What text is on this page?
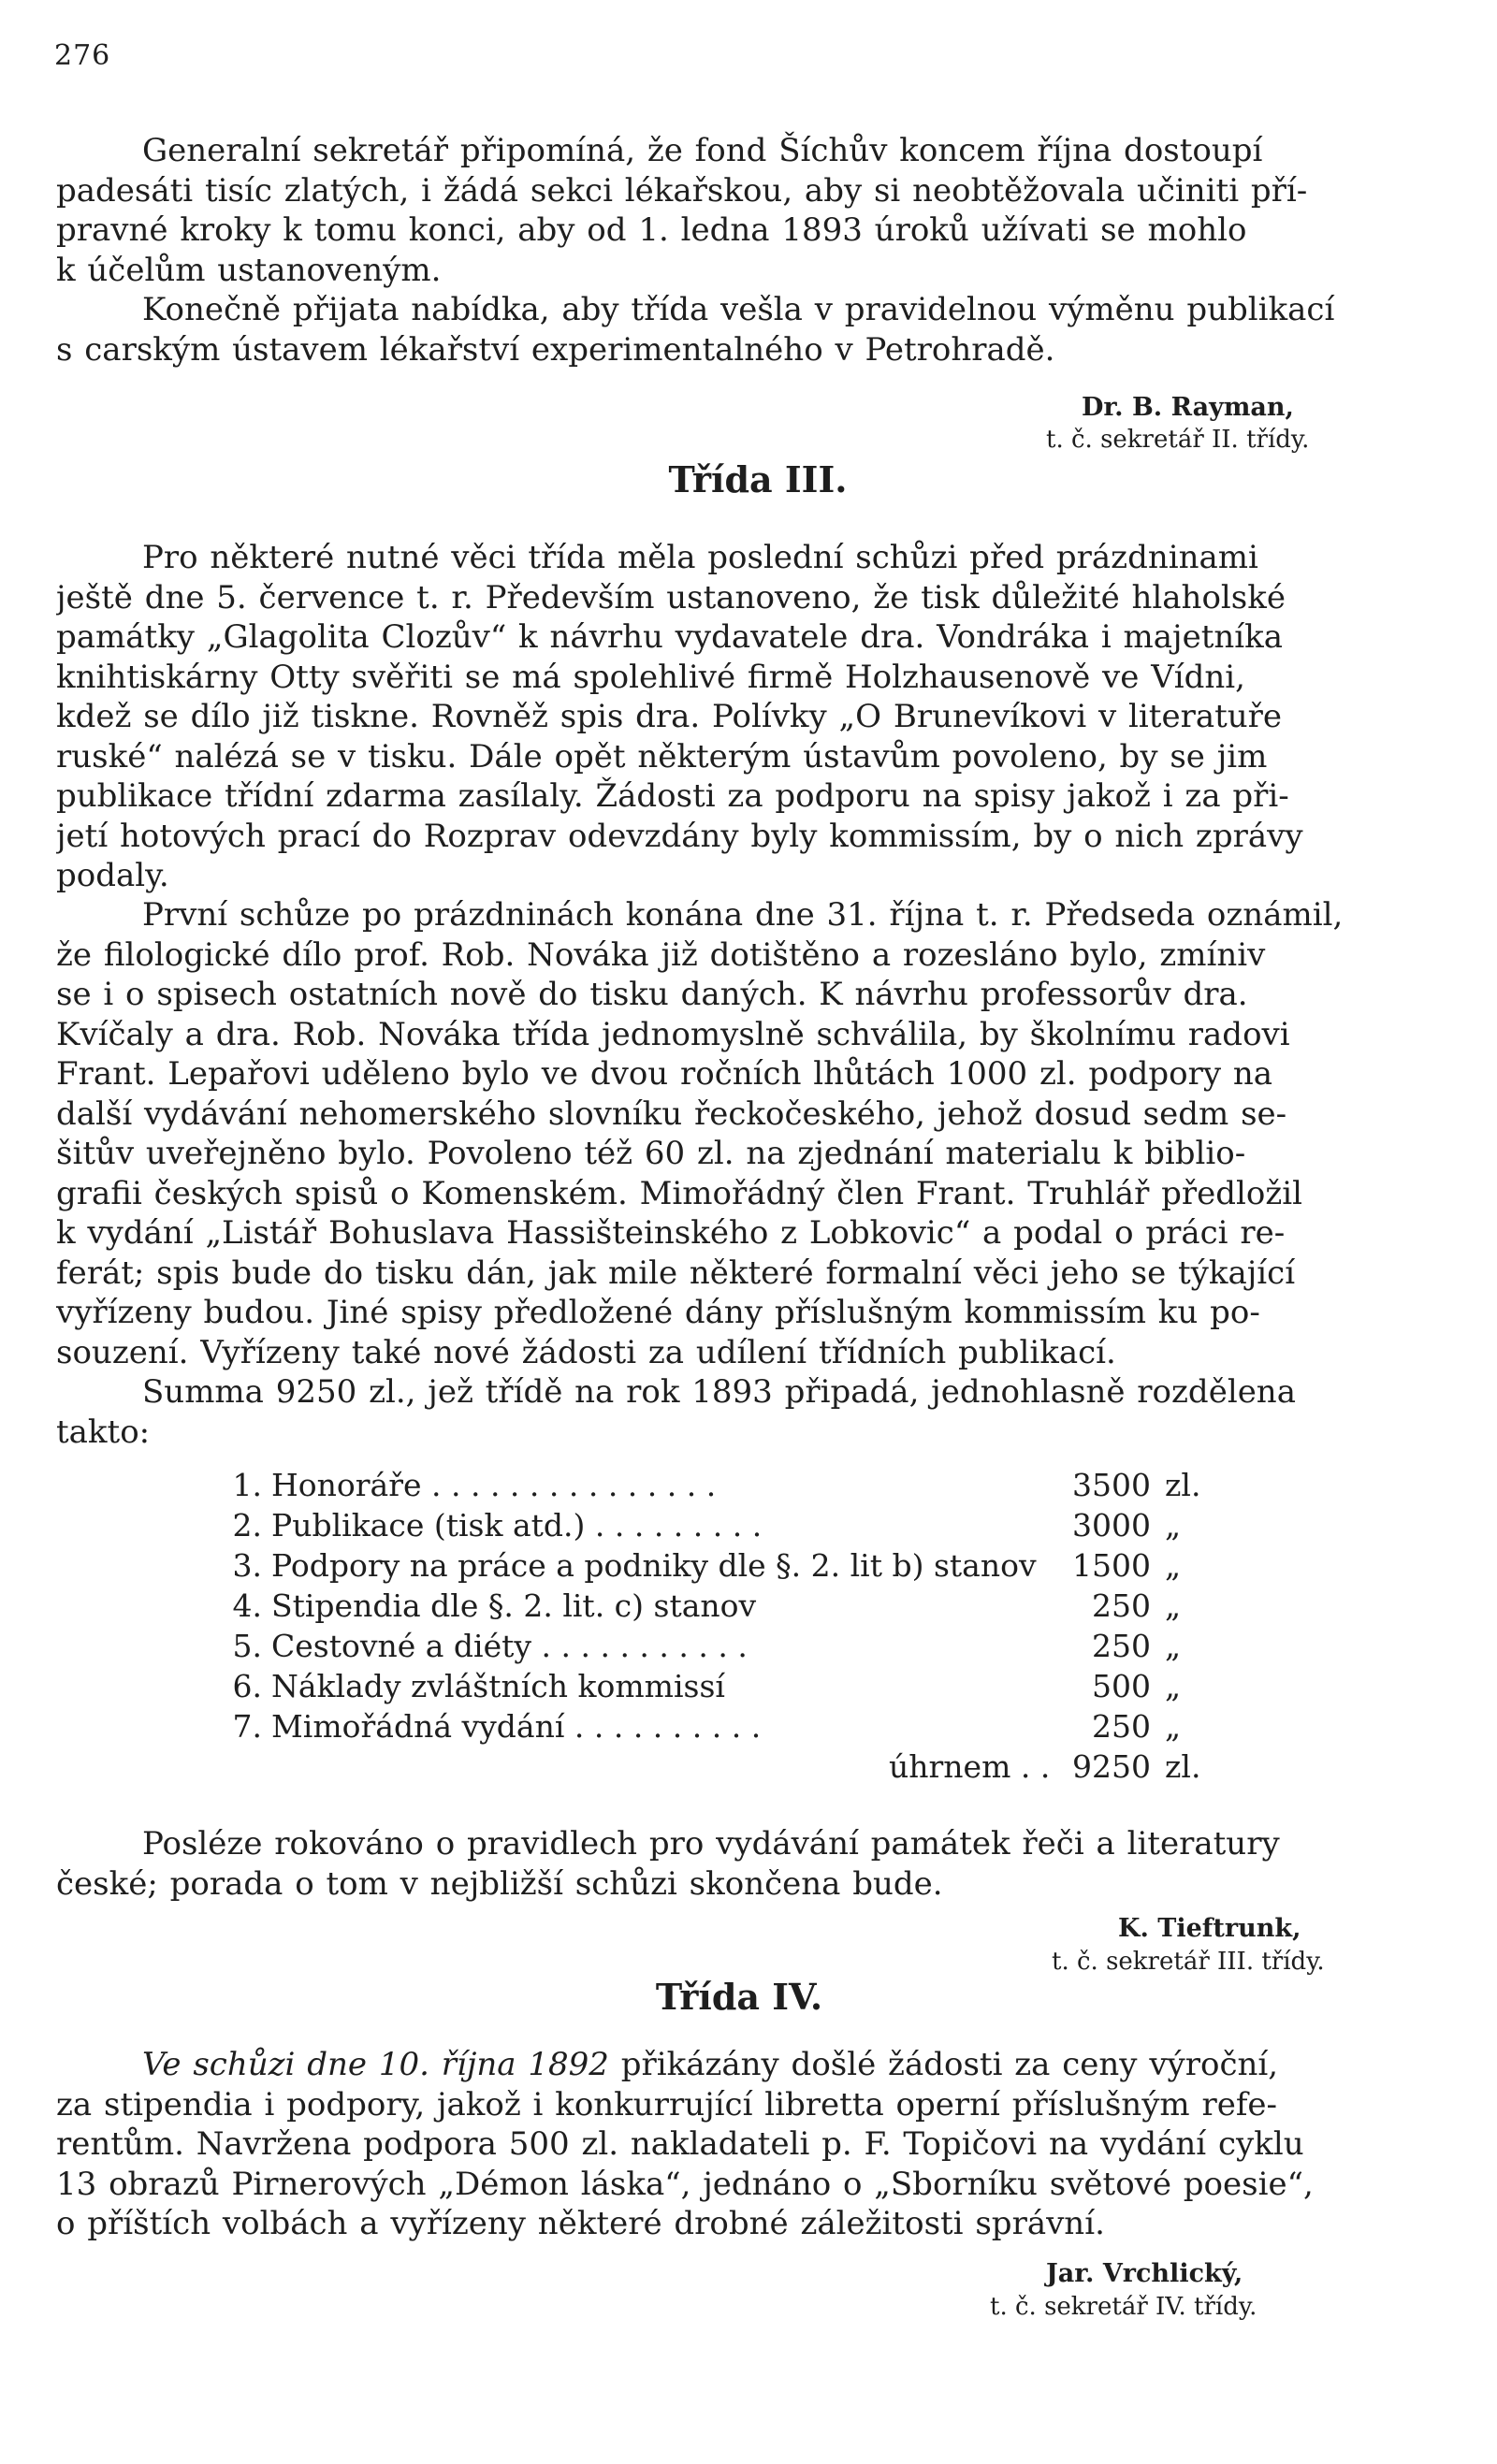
276
Generalní sekretář připomíná, že fond Šíchův koncem října dostoupí
padesáti tisíc zlatých, i žádá sekci lékařskou, aby si neobtěžovala učiniti pří-
pravné kroky k tomu konci, aby od 1. ledna 1893 úroků užívati se mohlo
k účelům ustanoveným.
Konečně přijata nabídka, aby třída vešla v pravidelnou výměnu publikací
s carským ústavem lékařství experimentalného v Petrohradě.
Dr. B. Rayman,
t. č. sekretář II. třídy.
Třída III.
Pro některé nutné věci třída měla poslední schůzi před prázdninami
ještě dne 5. července t. r. Především ustanoveno, že tisk důležité hlaholské
památky „Glagolita Clozův“ k návrhu vydavatele dra. Vondráka i majetníka
knihtiskárny Otty svěřiti se má spolehlivé firmě Holzhausenově ve Vídni,
kdež se dílo již tiskne. Rovněž spis dra. Polívky „O Brunevíkovi v literatuře
ruské“ nalézá se v tisku. Dále opět některým ústavům povoleno, by se jim
publikace třídní zdarma zasílaly. Žádosti za podporu na spisy jakož i za při-
jetí hotových prací do Rozprav odevzdány byly kommissím, by o nich zprávy
podaly.
První schůze po prázdninách konána dne 31. října t. r. Předseda oznámil,
že filologické dílo prof. Rob. Nováka již dotištěno a rozesláno bylo, zmíniv
se i o spisech ostatních nově do tisku daných. K návrhu professorův dra.
Kvíčaly a dra. Rob. Nováka třída jednomyslně schválila, by školnímu radovi
Frant. Lepařovi uděleno bylo ve dvou ročních lhůtách 1000 zl. podpory na
další vydávání nehomerského slovníku řeckočeského, jehož dosud sedm se-
šitův uveřejněno bylo. Povoleno též 60 zl. na zjednání materialu k biblio-
grafii českých spisů o Komenském. Mimořádný člen Frant. Truhlář předložil
k vydání „Listář Bohuslava Hassišteinského z Lobkovic“ a podal o práci re-
ferát; spis bude do tisku dán, jak mile některé formalní věci jeho se týkající
vyřízeny budou. Jiné spisy předložené dány příslušným kommissím ku po-
souzení. Vyřízeny také nové žádosti za udílení třídních publikací.
Summa 9250 zl., jež třídě na rok 1893 připadá, jednohlasně rozdělena
takto:
1. Honoráře . . . . . . . . . . . . . . .	3500 zl.
2. Publikace (tisk atd.) . . . . . . . . .	3000 „
3. Podpory na práce a podniky dle §. 2. lit b) stanov 1500 „
4. Stipendia dle §. 2. lit. c) stanov	250 „
5. Cestovné a diéty . . . . . . . . . . .	250 „
6. Náklady zvláštních kommissí	500 „
7. Mimořádná vydání . . . . . . . . . .	250 „
úhrnem . . 9250 zl.
Posléze rokováno o pravidlech pro vydávání památek řeči a literatury
české; porada o tom v nejbližší schůzi skončena bude.
K. Tieftrunk,
t. č. sekretář III. třídy.
Třída IV.
Ve schůzi dne 10. října 1892 přikázány došlé žádosti za ceny výroční,
za stipendia i podpory, jakož i konkurrující libretta operní příslušným refe-
rentům. Navržena podpora 500 zl. nakladateli p. F. Topičovi na vydání cyklu
13 obrazů Pirnerových „Démon láska“, jednáno o „Sborníku světové poesie“,
o příštích volbách a vyřízeny některé drobné záležitosti správní.
Jar. Vrchlický,
t. č. sekretář IV. třídy.
